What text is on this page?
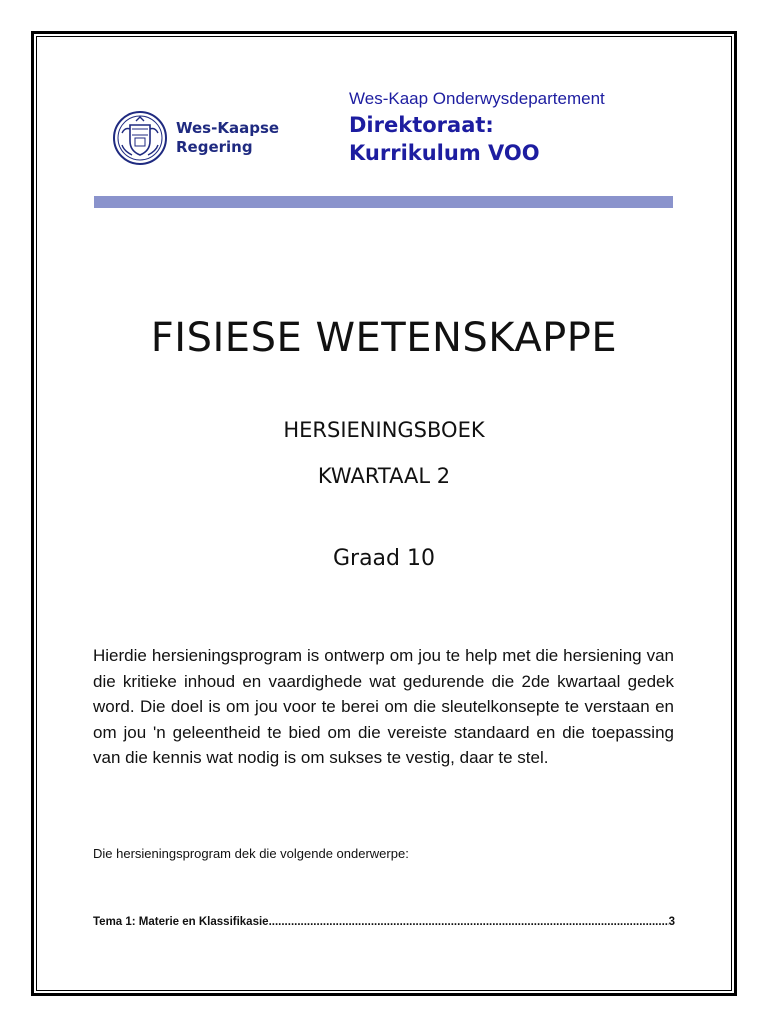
Wes-Kaapse
Regering
Wes-Kaap Onderwysdepartement
Direktoraat:
Kurrikulum VOO
FISIESE WETENSKAPPE
HERSIENINGSBOEK
KWARTAAL 2
Graad 10

Hierdie hersieningsprogram is ontwerp om jou te help met die hersiening van die kritieke inhoud en vaardighede wat gedurende die 2de kwartaal gedek word. Die doel is om jou voor te berei om die sleutelkonsepte te verstaan en om jou 'n geleentheid te bied om die vereiste standaard en die toepassing van die kennis wat nodig is om sukses te vestig, daar te stel.

Die hersieningsprogram dek die volgende onderwerpe:
Tema 1: Materie en Klassifikasie
.....	3
